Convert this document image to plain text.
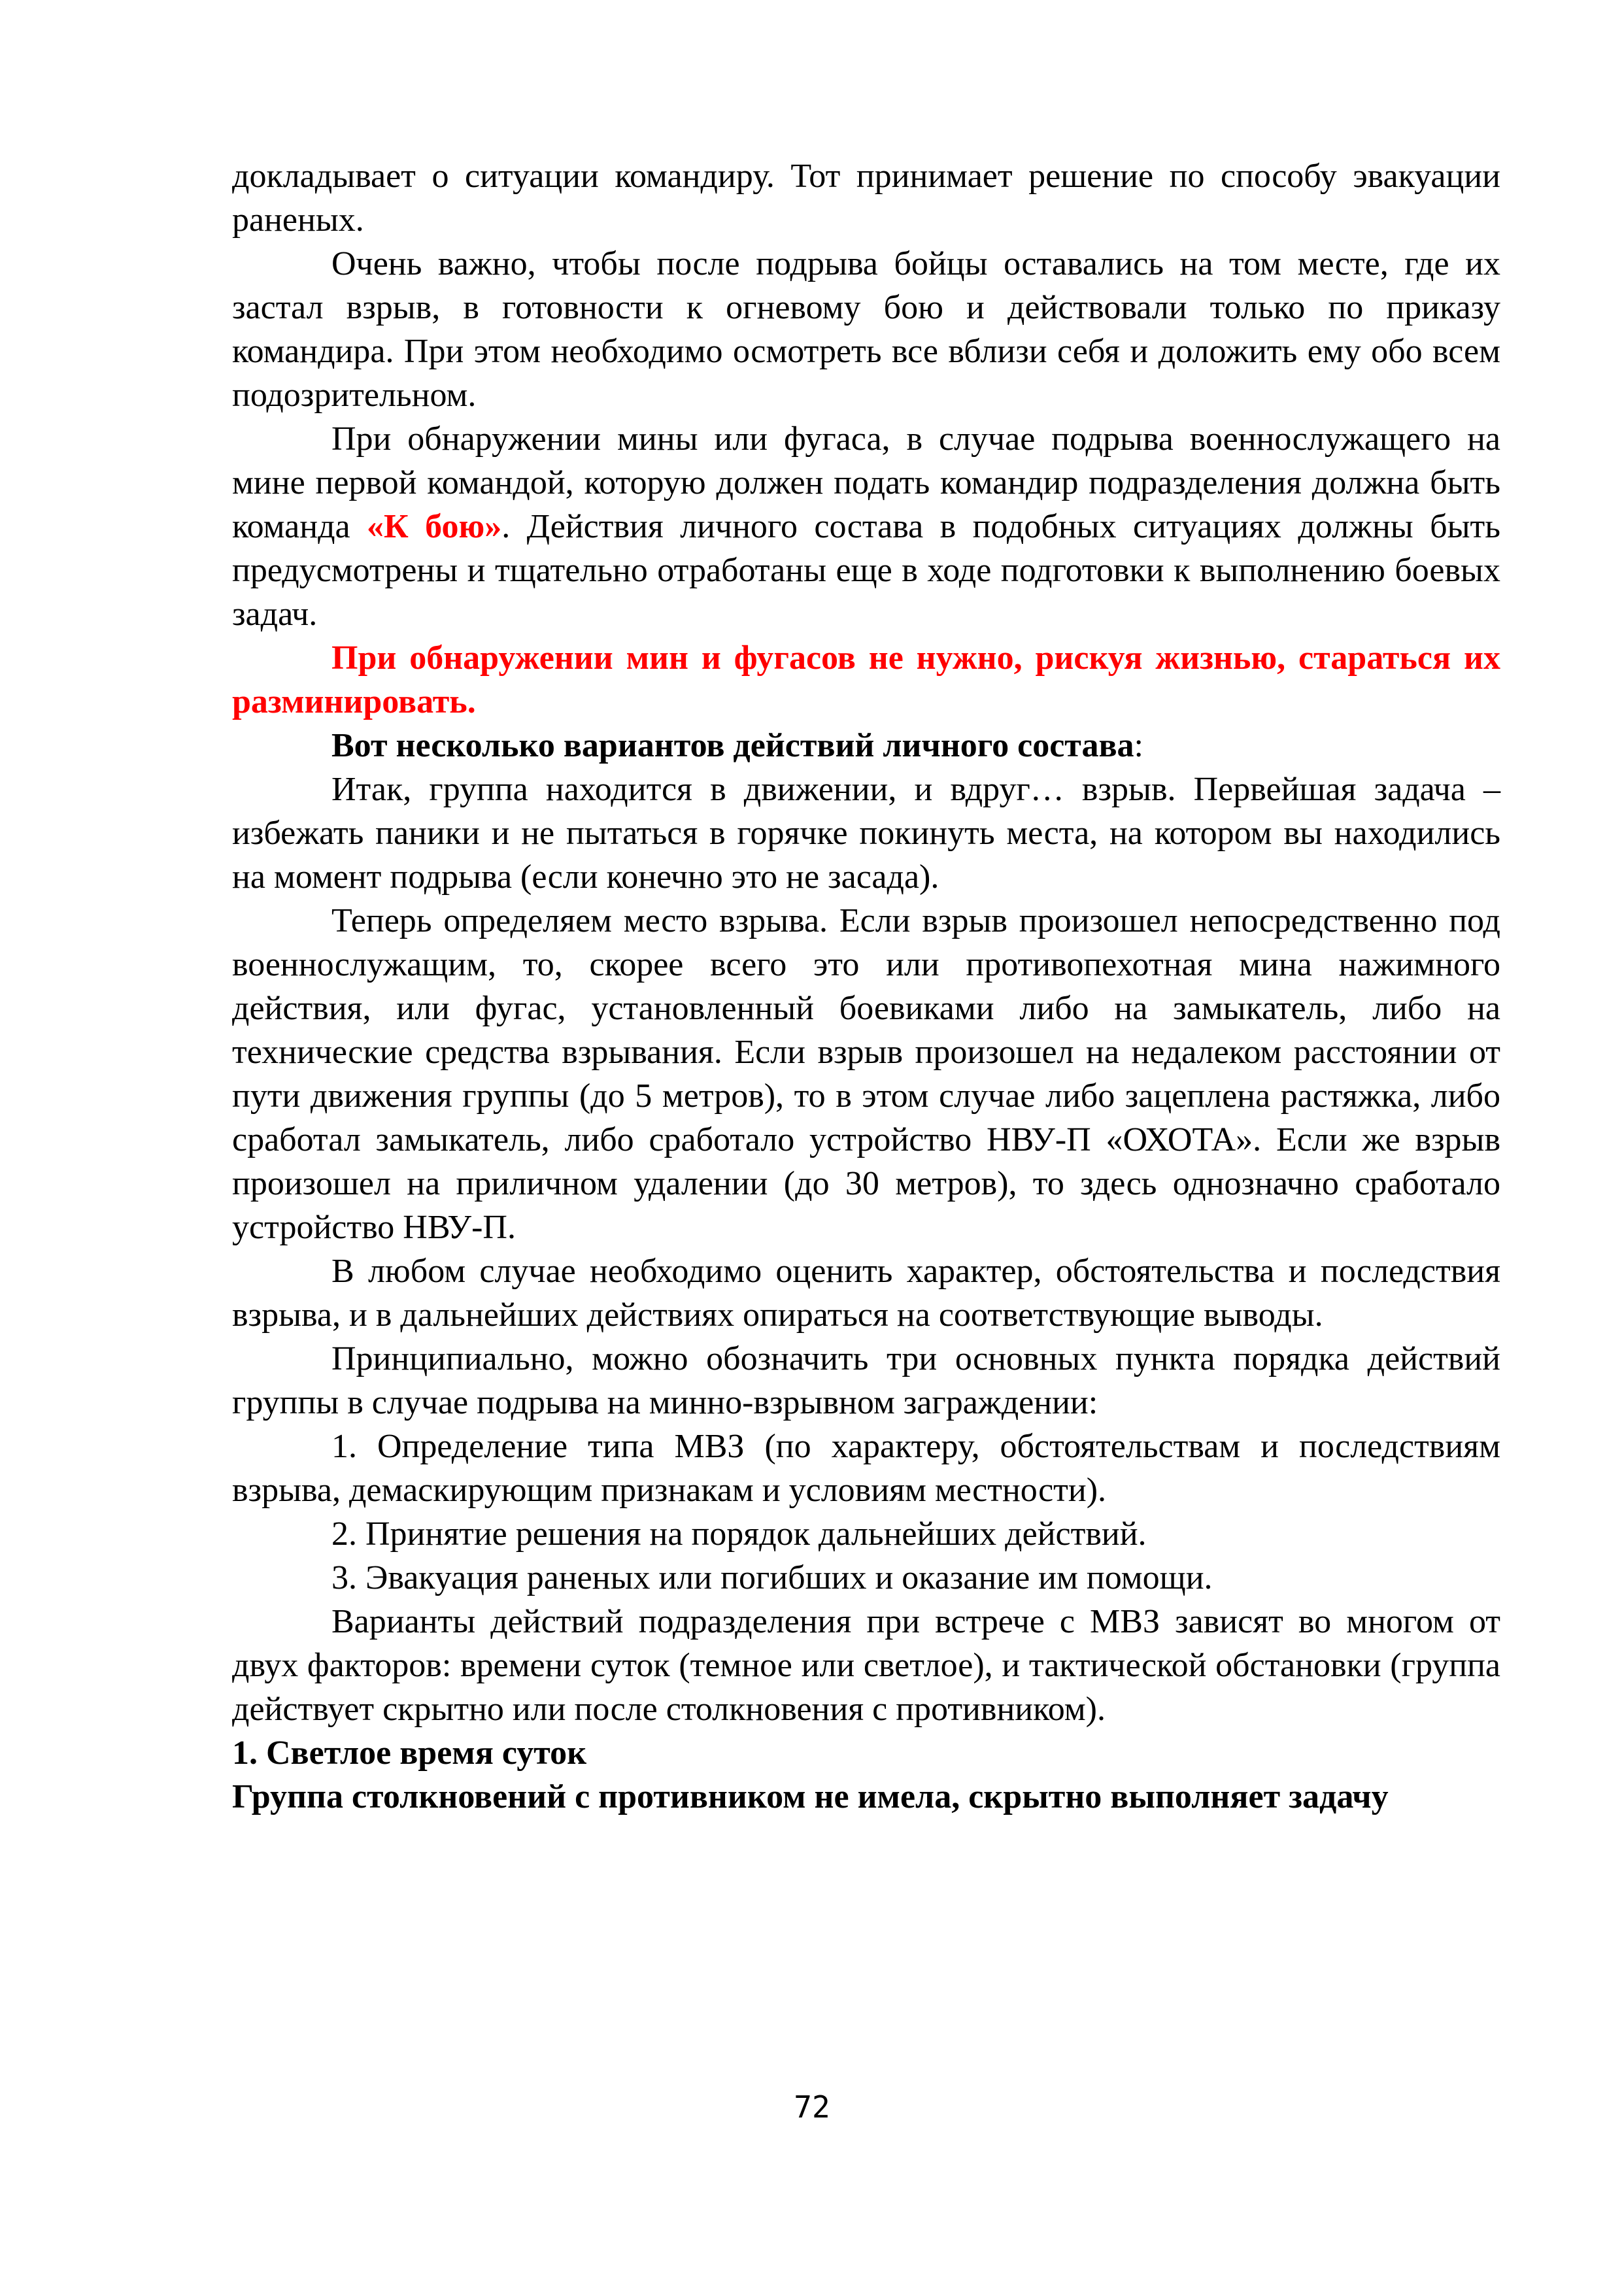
докладывает о ситуации командиру. Тот принимает решение по способу эвакуации раненых.

Очень важно, чтобы после подрыва бойцы оставались на том месте, где их застал взрыв, в готовности к огневому бою и действовали только по приказу командира. При этом необходимо осмотреть все вблизи себя и доложить ему обо всем подозрительном.

При обнаружении мины или фугаса, в случае подрыва военнослужащего на мине первой командой, которую должен подать командир подразделения должна быть команда «К бою». Действия личного состава в подобных ситуациях должны быть предусмотрены и тщательно отработаны еще в ходе подготовки к выполнению боевых задач.

При обнаружении мин и фугасов не нужно, рискуя жизнью, стараться их разминировать.

Вот несколько вариантов действий личного состава:

Итак, группа находится в движении, и вдруг… взрыв. Первейшая задача – избежать паники и не пытаться в горячке покинуть места, на котором вы находились на момент подрыва (если конечно это не засада).

Теперь определяем место взрыва. Если взрыв произошел непосредственно под военнослужащим, то, скорее всего это или противопехотная мина нажимного действия, или фугас, установленный боевиками либо на замыкатель, либо на технические средства взрывания. Если взрыв произошел на недалеком расстоянии от пути движения группы (до 5 метров), то в этом случае либо зацеплена растяжка, либо сработал замыкатель, либо сработало устройство НВУ-П «ОХОТА». Если же взрыв произошел на приличном удалении (до 30 метров), то здесь однозначно сработало устройство НВУ-П.

В любом случае необходимо оценить характер, обстоятельства и последствия взрыва, и в дальнейших действиях опираться на соответствующие выводы.

Принципиально, можно обозначить три основных пункта порядка действий группы в случае подрыва на минно-взрывном заграждении:

1. Определение типа МВЗ (по характеру, обстоятельствам и последствиям взрыва, демаскирующим признакам и условиям местности).

2. Принятие решения на порядок дальнейших действий.

3. Эвакуация раненых или погибших и оказание им помощи.

Варианты действий подразделения при встрече с МВЗ зависят во многом от двух факторов: времени суток (темное или светлое), и тактической обстановки (группа действует скрытно или после столкновения с противником).

1. Светлое время суток

Группа столкновений с противником не имела, скрытно выполняет задачу

72
